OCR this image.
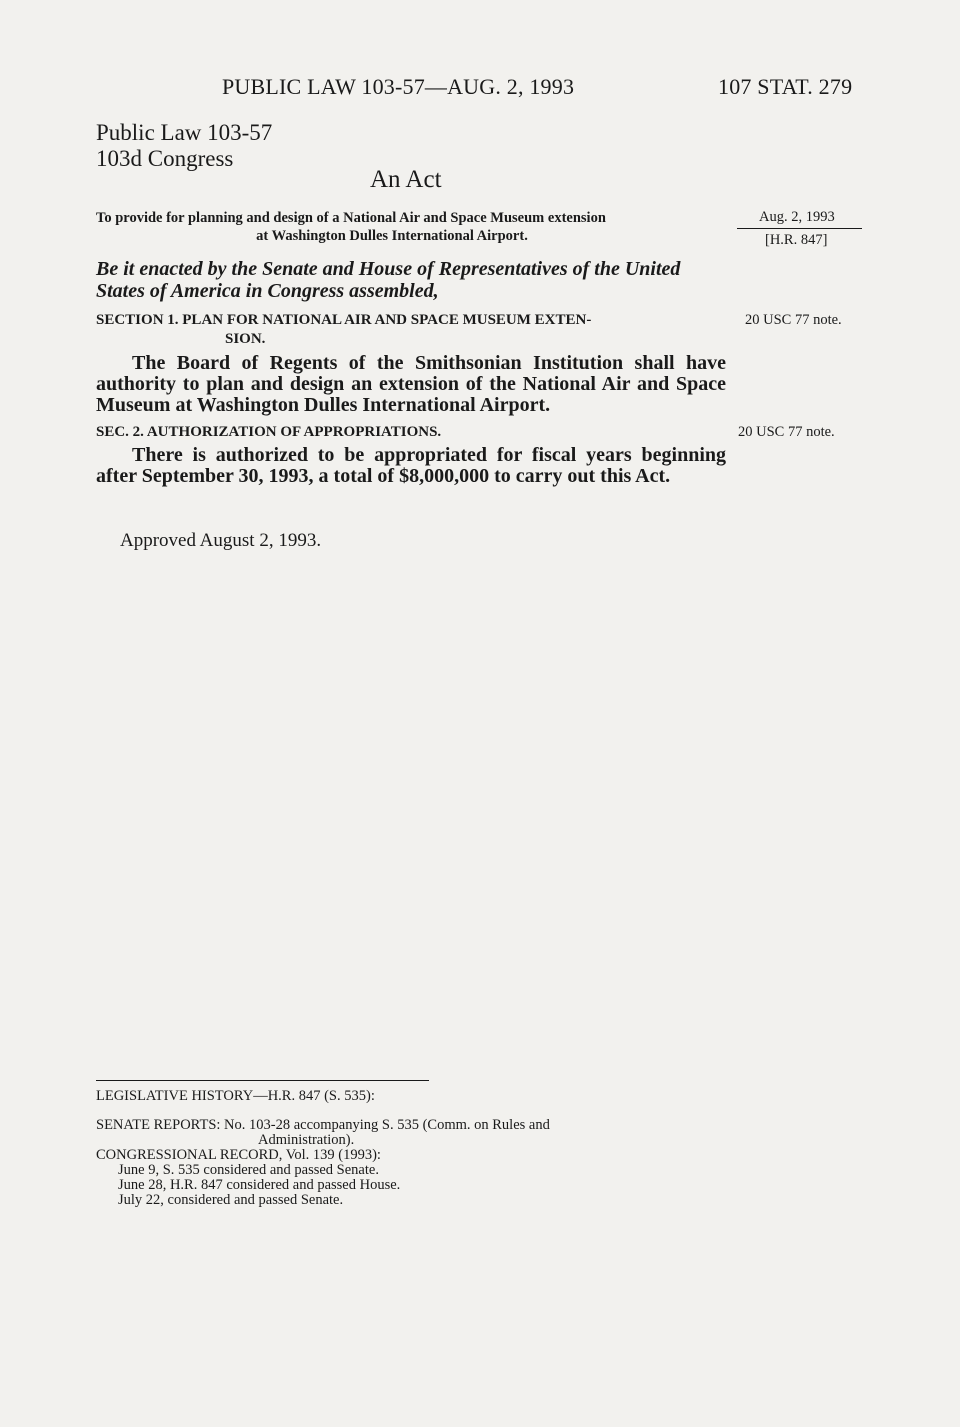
PUBLIC LAW 103-57—AUG. 2, 1993	107 STAT. 279
Public Law 103-57
103d Congress
An Act
To provide for planning and design of a National Air and Space Museum extension
at Washington Dulles International Airport.
Aug. 2, 1993
[H.R. 847]
Be it enacted by the Senate and House of Representatives of the United States of America in Congress assembled,
SECTION 1. PLAN FOR NATIONAL AIR AND SPACE MUSEUM EXTEN-
SION.
20 USC 77 note.
The Board of Regents of the Smithsonian Institution shall have authority to plan and design an extension of the National Air and Space Museum at Washington Dulles International Airport.
SEC. 2. AUTHORIZATION OF APPROPRIATIONS.	20 USC 77 note.
There is authorized to be appropriated for fiscal years beginning after September 30, 1993, a total of $8,000,000 to carry out this Act.
Approved August 2, 1993.
LEGISLATIVE HISTORY—H.R. 847 (S. 535):
SENATE REPORTS: No. 103-28 accompanying S. 535 (Comm. on Rules and
Administration).
CONGRESSIONAL RECORD, Vol. 139 (1993):
June 9, S. 535 considered and passed Senate.
June 28, H.R. 847 considered and passed House.
July 22, considered and passed Senate.
